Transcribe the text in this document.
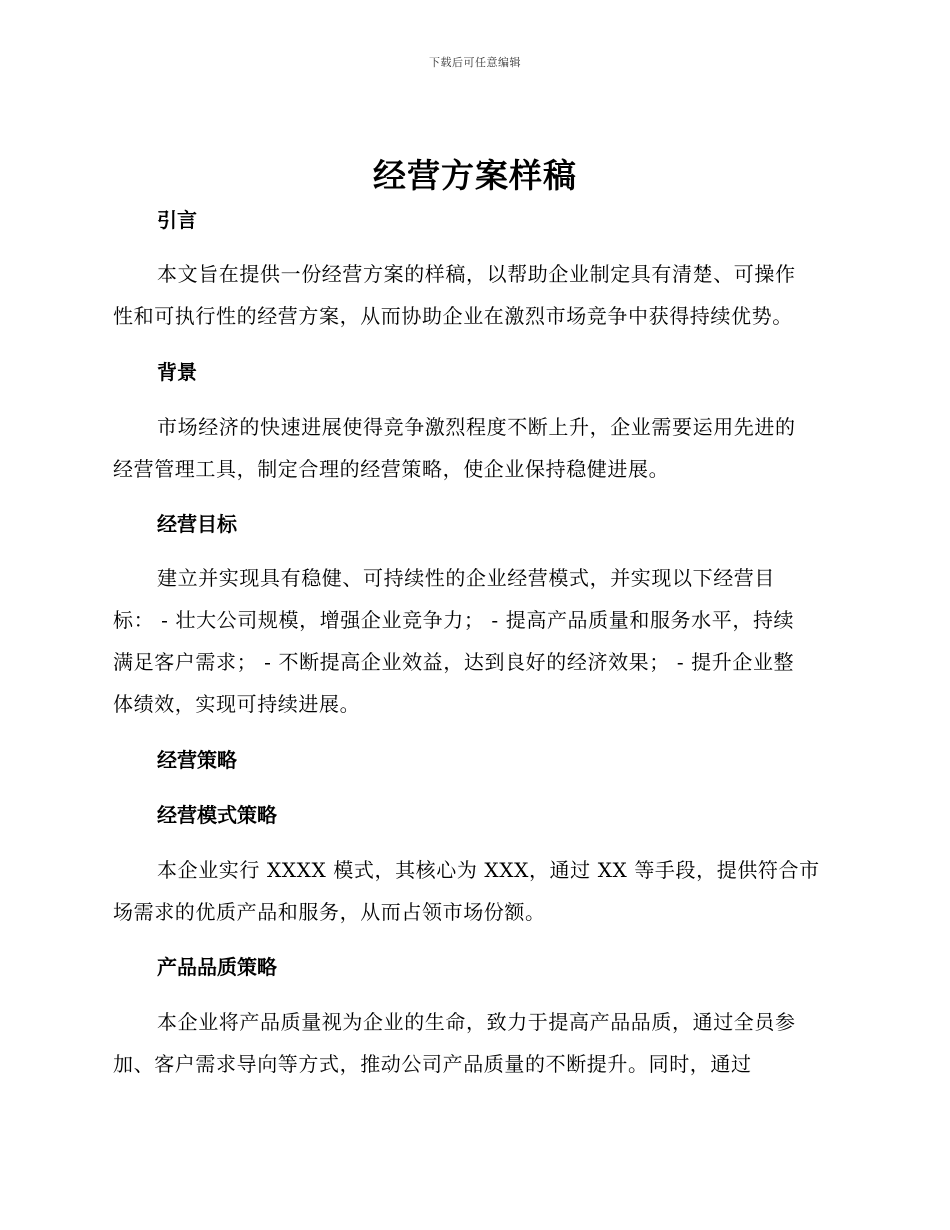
下载后可任意编辑
经营方案样稿
引言
本文旨在提供一份经营方案的样稿，以帮助企业制定具有清楚、可操作
性和可执行性的经营方案，从而协助企业在激烈市场竞争中获得持续优势。
背景
市场经济的快速进展使得竞争激烈程度不断上升，企业需要运用先进的
经营管理工具，制定合理的经营策略，使企业保持稳健进展。
经营目标
建立并实现具有稳健、可持续性的企业经营模式，并实现以下经营目
标： - 壮大公司规模，增强企业竞争力； - 提高产品质量和服务水平，持续
满足客户需求； - 不断提高企业效益，达到良好的经济效果； - 提升企业整
体绩效，实现可持续进展。
经营策略
经营模式策略
本企业实行 XXXX 模式，其核心为 XXX，通过 XX 等手段，提供符合市
场需求的优质产品和服务，从而占领市场份额。
产品品质策略
本企业将产品质量视为企业的生命，致力于提高产品品质，通过全员参
加、客户需求导向等方式，推动公司产品质量的不断提升。同时，通过
